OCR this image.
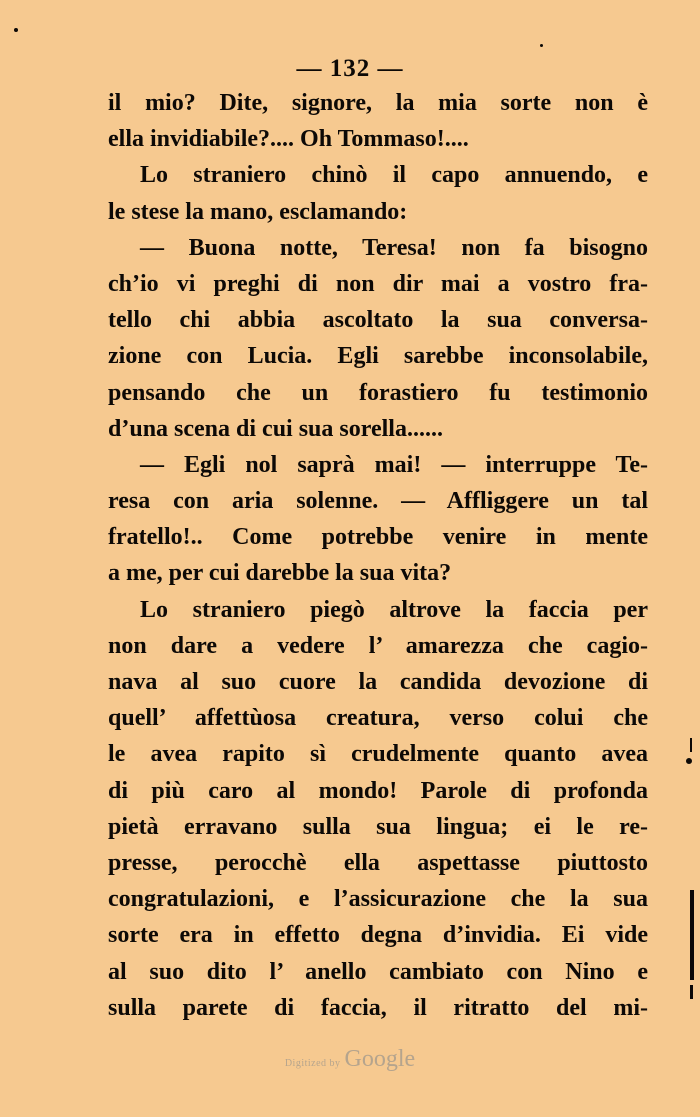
— 132 —
il mio? Dite, signore, la mia sorte non è
ella invidiabile?.... Oh Tommaso!....
Lo straniero chinò il capo annuendo, e
le stese la mano, esclamando:
— Buona notte, Teresa! non fa bisogno
ch’io vi preghi di non dir mai a vostro fra-
tello chi abbia ascoltato la sua conversa-
zione con Lucia. Egli sarebbe inconsolabile,
pensando che un forastiero fu testimonio
d’una scena di cui sua sorella......
— Egli nol saprà mai! — interruppe Te-
resa con aria solenne. — Affliggere un tal
fratello!.. Come potrebbe venire in mente
a me, per cui darebbe la sua vita?
Lo straniero piegò altrove la faccia per
non dare a vedere l’ amarezza che cagio-
nava al suo cuore la candida devozione di
quell’ affettùosa creatura, verso colui che
le avea rapito sì crudelmente quanto avea
di più caro al mondo! Parole di profonda
pietà erravano sulla sua lingua; ei le re-
presse, perocchè ella aspettasse piuttosto
congratulazioni, e l’assicurazione che la sua
sorte era in effetto degna d’invidia. Ei vide
al suo dito l’ anello cambiato con Nino e
sulla parete di faccia, il ritratto del mi-
Digitized by Google
